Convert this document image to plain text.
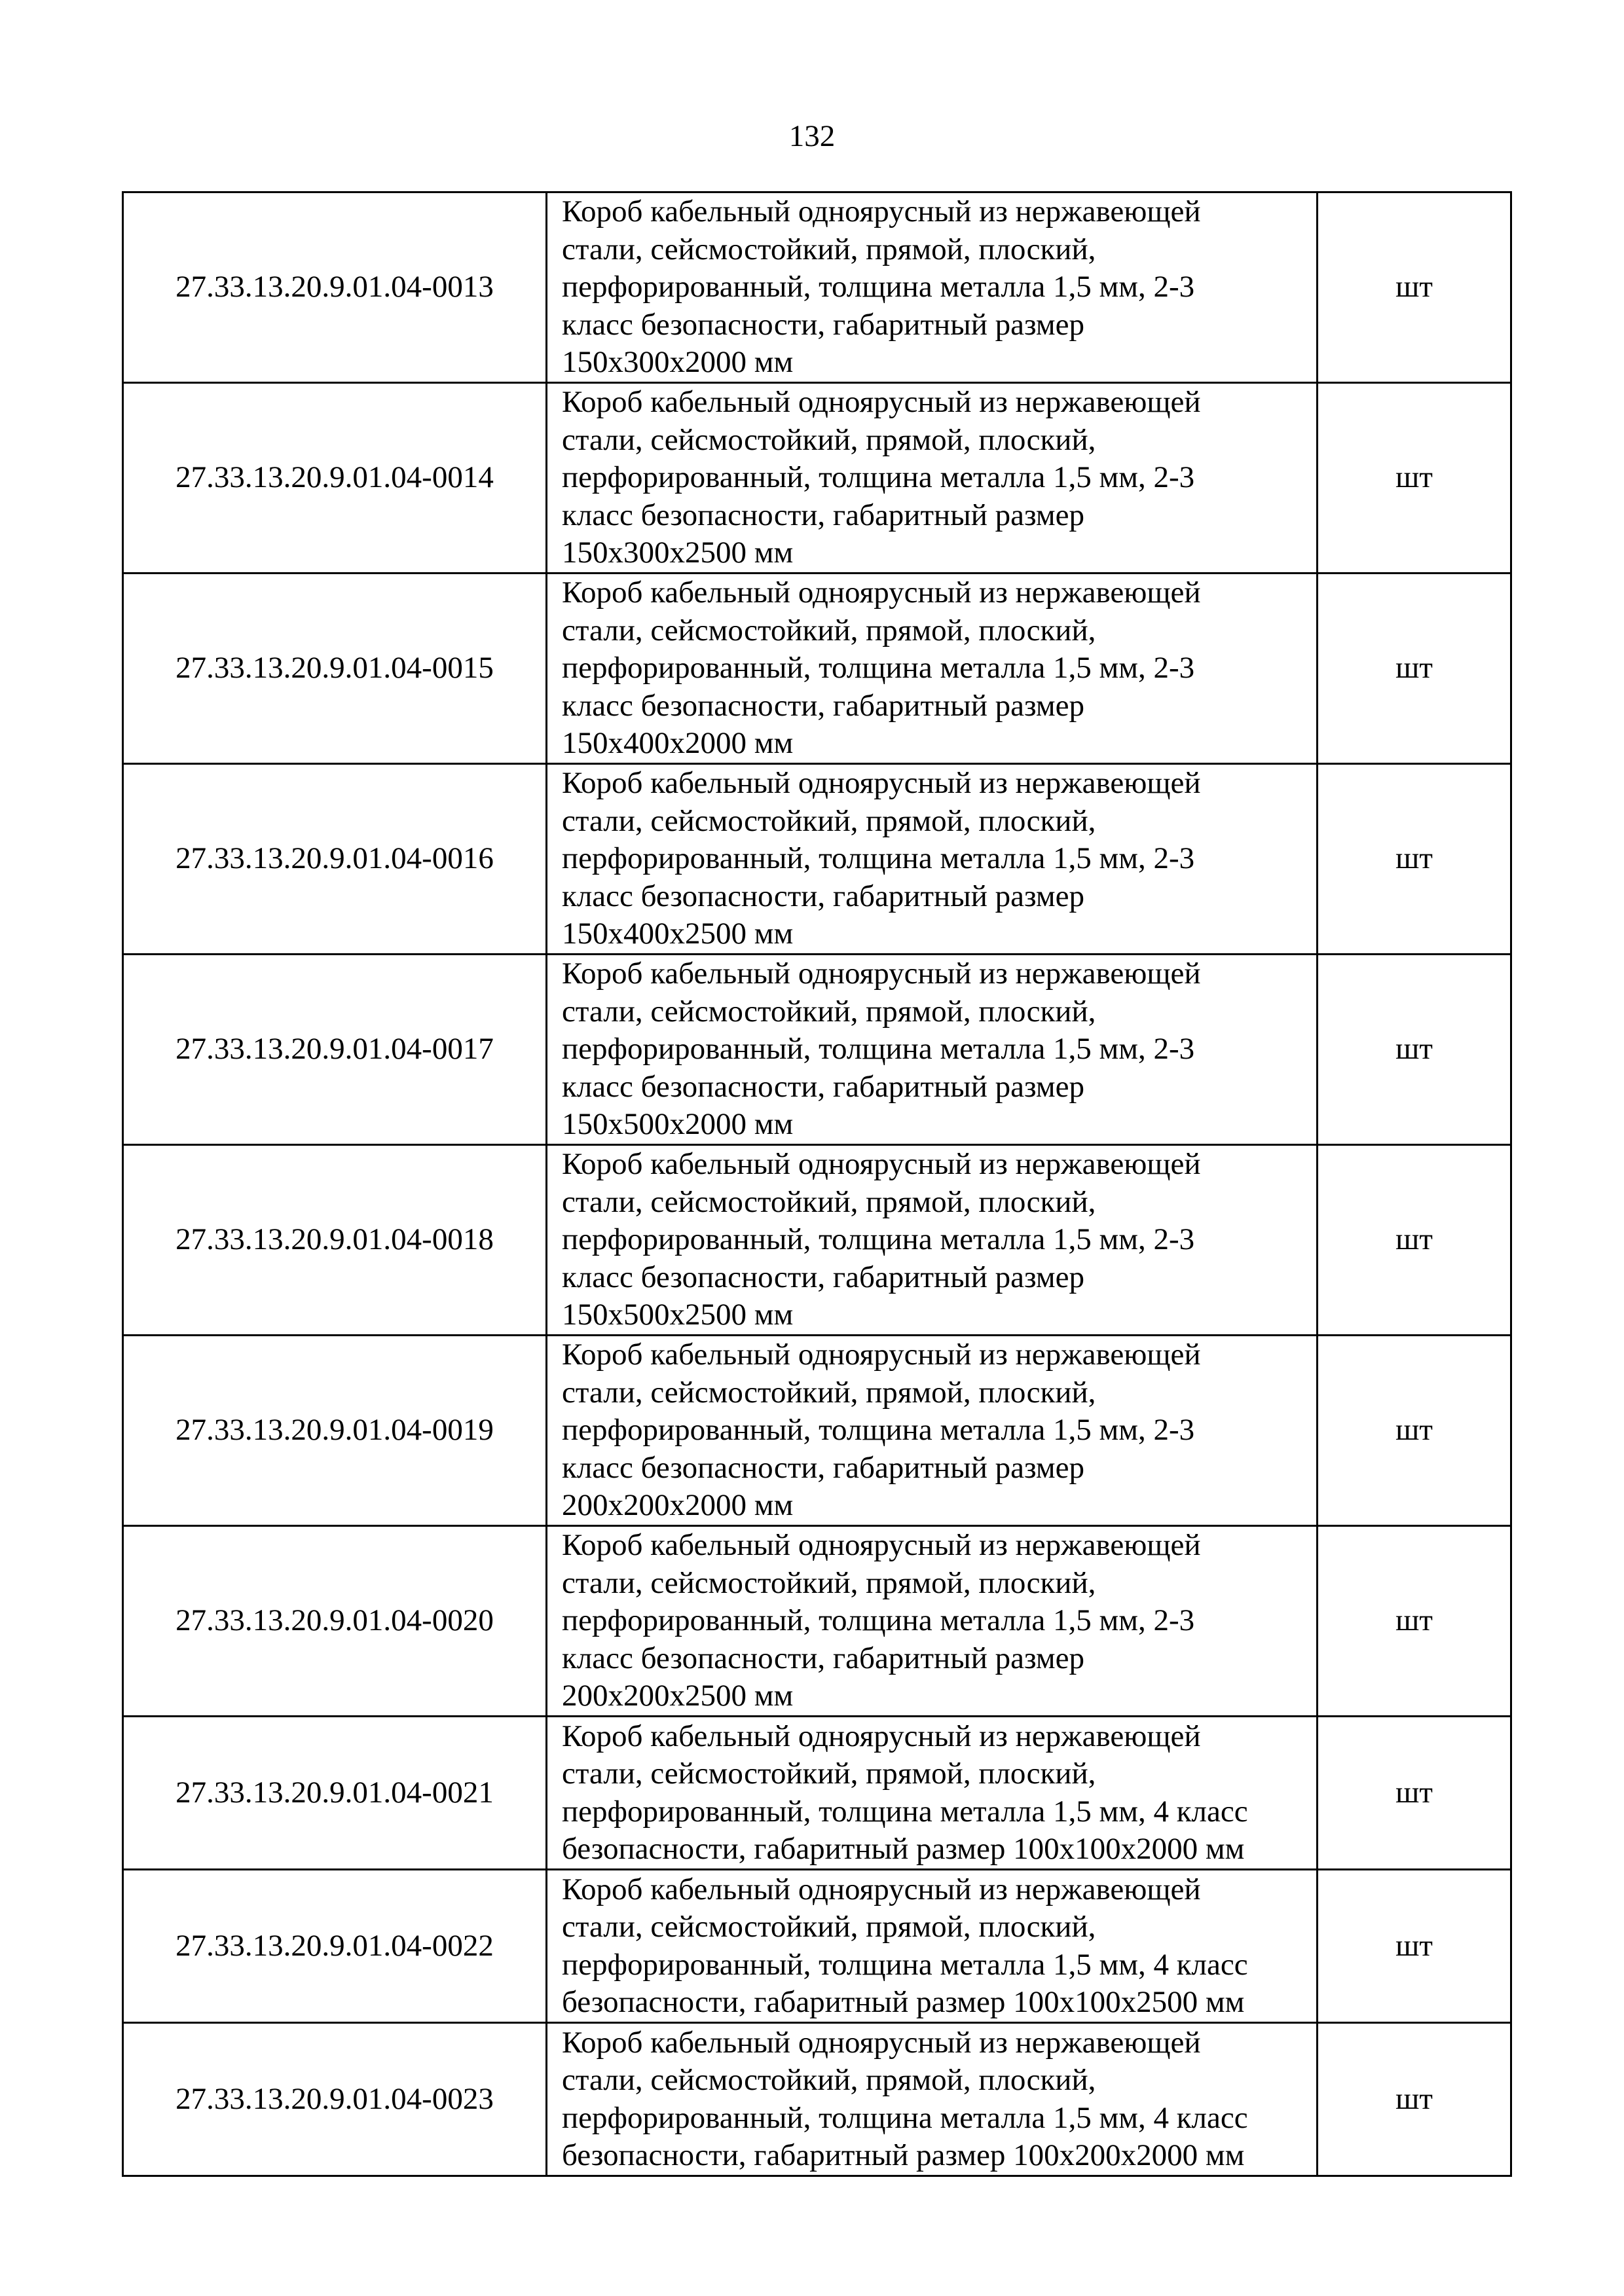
132
27.33.13.20.9.01.04-0013	Короб кабельный одноярусный из нержавеющей
стали, сейсмостойкий, прямой, плоский,
перфорированный, толщина металла 1,5 мм, 2-3
класс безопасности, габаритный размер
150х300х2000 мм	шт
27.33.13.20.9.01.04-0014	Короб кабельный одноярусный из нержавеющей
стали, сейсмостойкий, прямой, плоский,
перфорированный, толщина металла 1,5 мм, 2-3
класс безопасности, габаритный размер
150х300х2500 мм	шт
27.33.13.20.9.01.04-0015	Короб кабельный одноярусный из нержавеющей
стали, сейсмостойкий, прямой, плоский,
перфорированный, толщина металла 1,5 мм, 2-3
класс безопасности, габаритный размер
150х400х2000 мм	шт
27.33.13.20.9.01.04-0016	Короб кабельный одноярусный из нержавеющей
стали, сейсмостойкий, прямой, плоский,
перфорированный, толщина металла 1,5 мм, 2-3
класс безопасности, габаритный размер
150х400х2500 мм	шт
27.33.13.20.9.01.04-0017	Короб кабельный одноярусный из нержавеющей
стали, сейсмостойкий, прямой, плоский,
перфорированный, толщина металла 1,5 мм, 2-3
класс безопасности, габаритный размер
150х500х2000 мм	шт
27.33.13.20.9.01.04-0018	Короб кабельный одноярусный из нержавеющей
стали, сейсмостойкий, прямой, плоский,
перфорированный, толщина металла 1,5 мм, 2-3
класс безопасности, габаритный размер
150х500х2500 мм	шт
27.33.13.20.9.01.04-0019	Короб кабельный одноярусный из нержавеющей
стали, сейсмостойкий, прямой, плоский,
перфорированный, толщина металла 1,5 мм, 2-3
класс безопасности, габаритный размер
200х200х2000 мм	шт
27.33.13.20.9.01.04-0020	Короб кабельный одноярусный из нержавеющей
стали, сейсмостойкий, прямой, плоский,
перфорированный, толщина металла 1,5 мм, 2-3
класс безопасности, габаритный размер
200х200х2500 мм	шт
27.33.13.20.9.01.04-0021	Короб кабельный одноярусный из нержавеющей
стали, сейсмостойкий, прямой, плоский,
перфорированный, толщина металла 1,5 мм, 4 класс
безопасности, габаритный размер 100х100х2000 мм	шт
27.33.13.20.9.01.04-0022	Короб кабельный одноярусный из нержавеющей
стали, сейсмостойкий, прямой, плоский,
перфорированный, толщина металла 1,5 мм, 4 класс
безопасности, габаритный размер 100х100х2500 мм	шт
27.33.13.20.9.01.04-0023	Короб кабельный одноярусный из нержавеющей
стали, сейсмостойкий, прямой, плоский,
перфорированный, толщина металла 1,5 мм, 4 класс
безопасности, габаритный размер 100х200х2000 мм	шт
